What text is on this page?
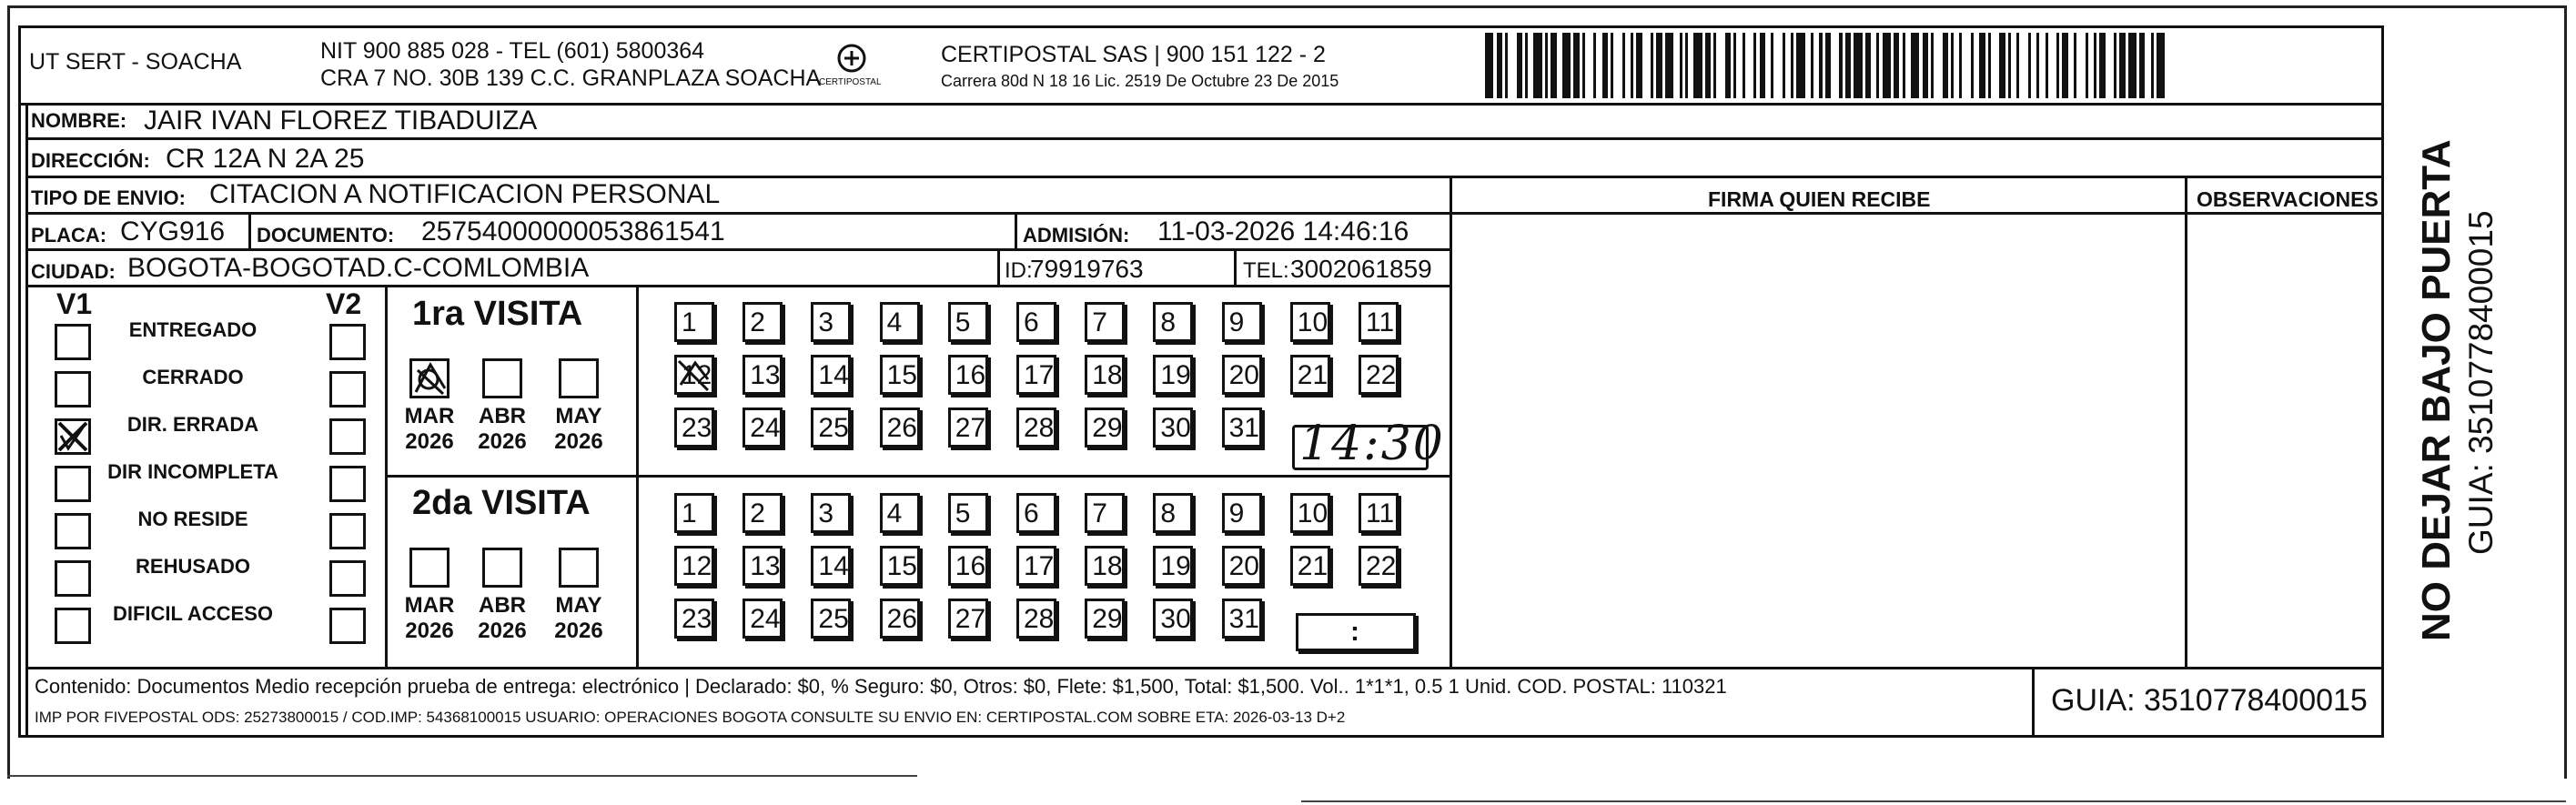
UT SERT - SOACHA	NIT 900 885 028 - TEL (601) 5800364
CRA 7 NO. 30B 139 C.C. GRANPLAZA SOACHA
CERTIPOSTAL
CERTIPOSTAL SAS | 900 151 122 - 2
Carrera 80d N 18 16 Lic. 2519 De Octubre 23 De 2015
NOMBRE: JAIR IVAN FLOREZ TIBADUIZA
DIRECCIÓN: CR 12A N 2A 25
TIPO DE ENVIO: CITACION A NOTIFICACION PERSONAL	FIRMA QUIEN RECIBE	OBSERVACIONES
PLACA: CYG916 DOCUMENTO: 25754000000053861541	ADMISIÓN: 11-03-2026 14:46:16
CIUDAD: BOGOTA-BOGOTAD.C-COMLOMBIA	ID:
79919763	TEL: 3002061859
V1	V2
ENTREGADO
CERRADO
DIR. ERRADA
DIR INCOMPLETA
NO RESIDE
REHUSADO
DIFICIL ACCESO
1ra VISITA
2da VISITA
MAR
2026
ABR
2026
MAY
2026
MAR
2026
ABR
2026
MAY
2026
1	2	3	4	5	6	7	8	9	10 11
12 13 14 15 16 17 18 19 20 21 22
23 24 25 26 27 28 29 30 31
1	2	3	4	5	6	7	8	9	10 11
12 13 14 15 16 17 18 19 20 21 22
23 24 25 26 27 28 29 30 31
14:30
:
Contenido: Documentos Medio recepción prueba de entrega: electrónico | Declarado: $0, % Seguro: $0, Otros: $0, Flete: $1,500, Total: $1,500. Vol.. 1*1*1, 0.5 1 Unid. COD. POSTAL: 110321
IMP POR FIVEPOSTAL ODS: 25273800015 / COD.IMP: 54368100015 USUARIO: OPERACIONES BOGOTA CONSULTE SU ENVIO EN: CERTIPOSTAL.COM SOBRE ETA: 2026-03-13 D+2	GUIA: 3510778400015
NO DEJAR BAJO PUERTA GUIA: 3510778400015
